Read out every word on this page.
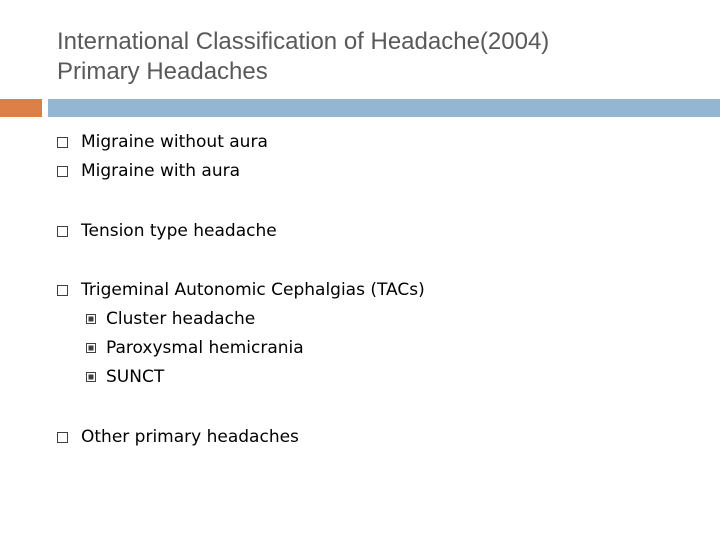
International Classification of Headache(2004)
Primary Headaches
Migraine without aura
Migraine with aura
Tension type headache
Trigeminal Autonomic Cephalgias (TACs)
Cluster headache
Paroxysmal hemicrania
SUNCT
Other primary headaches
